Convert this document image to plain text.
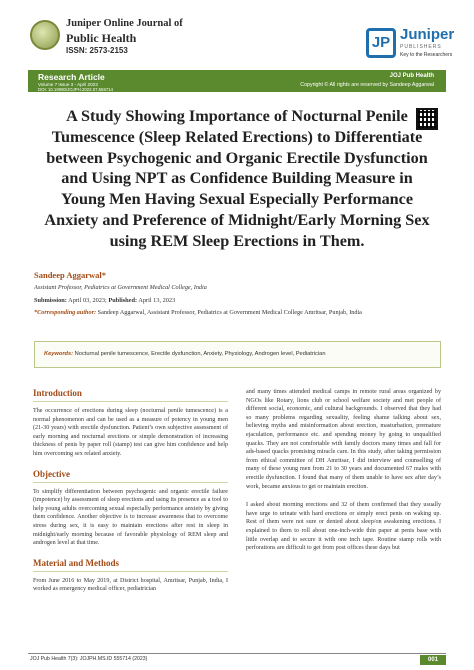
Juniper Online Journal of
Public Health
ISSN: 2573-2153	JP Juniper
PUBLISHERS
Key to the Researchers
Research Article
Volume 7 Issue 3 - April 2023
DOI: 10.19080/JOJPH.2022.07.555714
JOJ Pub Health
Copyright © All rights are reserved by Sandeep Aggarwal
A Study Showing Importance of Nocturnal Penile Tumescence (Sleep Related Erections) to Differentiate between Psychogenic and Organic Erectile Dysfunction and Using NPT as Confidence Building Measure in Young Men Having Sexual Especially Performance Anxiety and Preference of Midnight/Early Morning Sex using REM Sleep Erections in Them.
Sandeep Aggarwal*
Assistant Professor, Pediatrics at Government Medical College, India
Submission: April 03, 2023; Published: April 13, 2023
*Corresponding author: Sandeep Aggarwal, Assistant Professor, Pediatrics at Government Medical College Amritsar, Punjab, India
Keywords: Nocturnal penile tumescence, Erectile dysfunction, Anxiety, Physiology, Androgen level, Pediatrician
Introduction

The occurrence of erections during sleep (nocturnal penile tumescence) is a normal phenomenon and can be used as a measure of potency in young men (21-30 years) with erectile dysfunction. Patient’s own subjective assessment of early morning and nocturnal erections or simple demonstration of increasing thickness of penis by paper roll (stamp) test can give him confidence and help him overcoming sex related anxiety.

Objective

To simplify differentiation between psychogenic and organic erectile failure (impotence) by assessment of sleep erections and using its presence as a tool to help young adults overcoming sexual especially performance anxiety by giving them confidence. Another objective is to increase awareness that to overcome stress during sex, it is easy to maintain erections after rest in sleep in midnight/early morning because of favorable physiology of REM sleep and androgen level at that time.

Material and Methods

From June 2016 to May 2019, at District hospital, Amritsar, Punjab, India, I worked as emergency medical officer, pediatrician

and many times attended medical camps in remote rural areas organized by NGOs like Rotary, lions club or school welfare society and met people of different social, economic, and cultural backgrounds. I observed that they had so many problems regarding sexuality, feeling shame talking about sex, believing myths and misinformation about erection, masturbation, premature ejaculation, performance etc. and spending money by going to unqualified quacks. They are not comfortable with family doctors many times and fall for ads-based quacks promising miracle care. In this study, after taking permission from ethical committee of DH Amritsar, I did interview and counselling of many of these young men from 21 to 30 years and documented 67 males with erectile dysfunction. I found that many of them unable to have sex after day’s work, became anxious to get or maintain erection.

I asked about morning erections and 32 of them confirmed that they usually have urge to urinate with hard erections or simply erect penis on waking up. Rest of them were not sure or denied about sleep/on awakening erections. I explained to them to roll about one-inch-wide thin paper at penis base with little overlap and to secure it with one inch tape. Routine stamp rolls with perforations are difficult to get from post offices these days but

JOJ Pub Health 7(3): JOJPH.MS.ID 555714 (2023)	001
